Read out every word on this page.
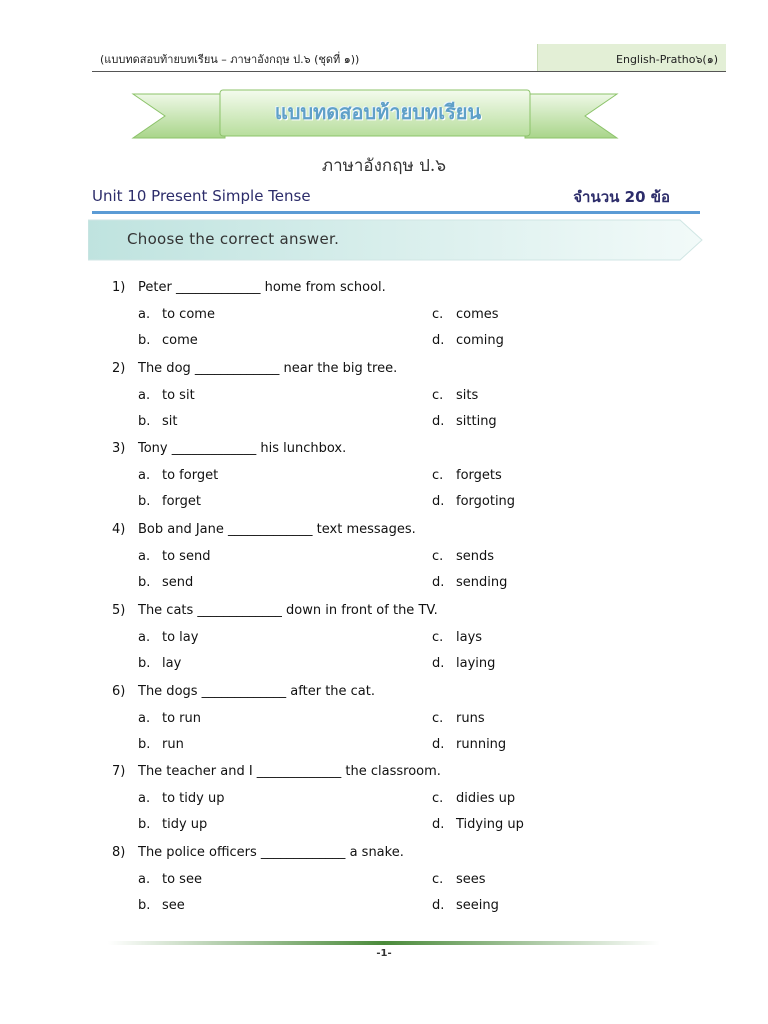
(แบบทดสอบท้ายบทเรียน – ภาษาอังกฤษ ป.๖ (ชุดที่ ๑))	English-Pratho๖(๑)
แบบทดสอบท้ายบทเรียน
ภาษาอังกฤษ ป.๖
Unit 10 Present Simple Tense	จำนวน 20 ข้อ
Choose the correct answer.
1) Peter _____________ home from school.
a. to come
b. come
c. comes
d. coming
2) The dog _____________ near the big tree.
a. to sit
b. sit
c. sits
d. sitting
3) Tony _____________ his lunchbox.
a. to forget
b. forget
c. forgets
d. forgoting
4) Bob and Jane _____________ text messages.
a. to send
b. send
c. sends
d. sending
5) The cats _____________ down in front of the TV.
a. to lay
b. lay
c. lays
d. laying
6) The dogs _____________ after the cat.
a. to run
b. run
c. runs
d. running
7) The teacher and I _____________ the classroom.
a. to tidy up
b. tidy up
c. didies up
d. Tidying up
8) The police officers _____________ a snake.
a. to see
b. see
c. sees
d. seeing
-1-
